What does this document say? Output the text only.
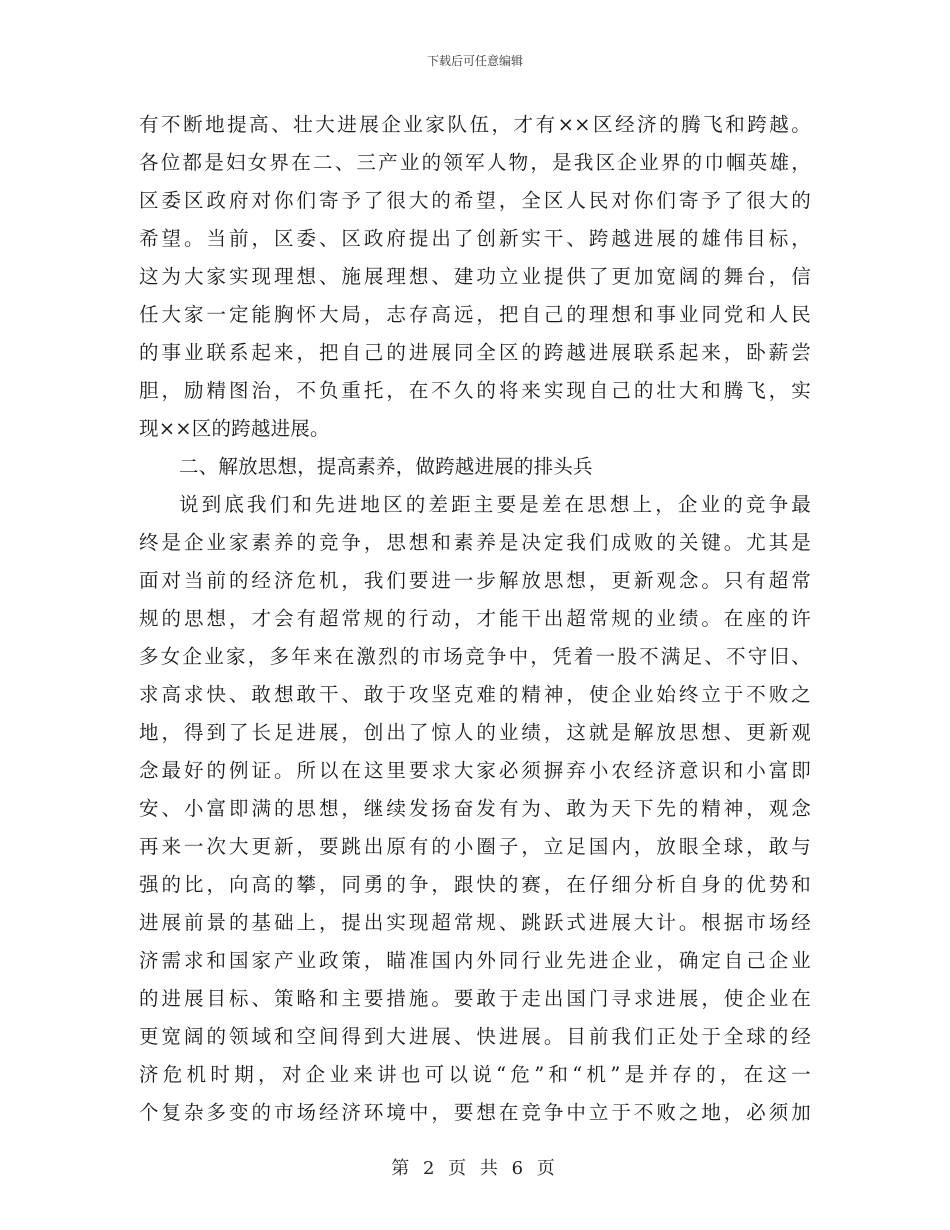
下载后可任意编辑
有不断地提高、壮大进展企业家队伍，才有××区经济的腾飞和跨越。
各位都是妇女界在二、三产业的领军人物，是我区企业界的巾帼英雄，
区委区政府对你们寄予了很大的希望，全区人民对你们寄予了很大的
希望。当前，区委、区政府提出了创新实干、跨越进展的雄伟目标，
这为大家实现理想、施展理想、建功立业提供了更加宽阔的舞台，信
任大家一定能胸怀大局，志存高远，把自己的理想和事业同党和人民
的事业联系起来，把自己的进展同全区的跨越进展联系起来，卧薪尝
胆，励精图治，不负重托，在不久的将来实现自己的壮大和腾飞，实
现××区的跨越进展。
二、解放思想，提高素养，做跨越进展的排头兵
说到底我们和先进地区的差距主要是差在思想上，企业的竞争最
终是企业家素养的竞争，思想和素养是决定我们成败的关键。尤其是
面对当前的经济危机，我们要进一步解放思想，更新观念。只有超常
规的思想，才会有超常规的行动，才能干出超常规的业绩。在座的许
多女企业家，多年来在激烈的市场竞争中，凭着一股不满足、不守旧、
求高求快、敢想敢干、敢于攻坚克难的精神，使企业始终立于不败之
地，得到了长足进展，创出了惊人的业绩，这就是解放思想、更新观
念最好的例证。所以在这里要求大家必须摒弃小农经济意识和小富即
安、小富即满的思想，继续发扬奋发有为、敢为天下先的精神，观念
再来一次大更新，要跳出原有的小圈子，立足国内，放眼全球，敢与
强的比，向高的攀，同勇的争，跟快的赛，在仔细分析自身的优势和
进展前景的基础上，提出实现超常规、跳跃式进展大计。根据市场经
济需求和国家产业政策，瞄准国内外同行业先进企业，确定自己企业
的进展目标、策略和主要措施。要敢于走出国门寻求进展，使企业在
更宽阔的领域和空间得到大进展、快进展。目前我们正处于全球的经
济危机时期，对企业来讲也可以说“危”和“机”是并存的，在这一
个复杂多变的市场经济环境中，要想在竞争中立于不败之地，必须加
第 2 页 共 6 页
